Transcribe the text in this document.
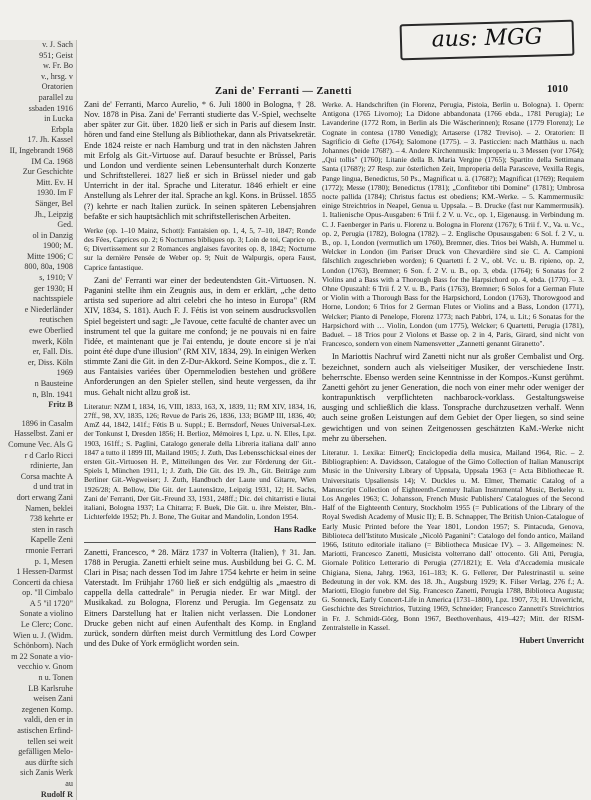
v. J. Sach
951; Geist
w. Fr. Bo
v., hrsg. v
Oratorien
parallel zu
ssbaden 1916
in Lucka
Erbpla
17. Jh. Kassel
II, Ingebrandt 1968
IM Ca. 1968
Zur Geschichte
Mitt. Ev. H
1930. Im F
Sänger, Bel
Jh., Leipzig
Ged.
ol in Danzig
1900; M.
Mitte 1906; C
800, 80a, 1908
s, 1910; V
ger 1930; H
nachtsspiele
e Niederländer
reutischen
ewe Oberlied
nwerk, Köln
er, Fall. Dis.
er, Diss. Köln
1969
n Bausteine
n, Bln. 1941
Fritz B
1896 in Casalm
Hasselbst. Zani er
Comune Vec. Als G
r d Carlo Ricci
rdinierte, Jan
Corsa machte A
d und trat in
dort erwang Zani
Namen, beklei
738 kehrte er
sten in rasch
Kapelle Zeni
rmonie Ferrari
p. 1, Mesen
1 Hessen-Darmst
Concerti da chiesa
op. "Il Cimbalo
A 5 "il 1720"
Sonate a violino
Le Clerc; Conc.
Wien u. J. (Widm.
Schönborn). Nach
m 22 Sonate a vio-
vecchio v. Gnom
n u. Tonen
LB Karlsruhe
weisen Zani
zegenen Komp.
valdi, den er in
astischen Erfind-
tellen sei weit
gefälligen Melo-
aus dürfte sich
sich Zanis Werk
au
Rudolf R
aus: MGG
Zani de' Ferranti — Zanetti	1010

Zani de' Ferranti, Marco Aurelio, * 6. Juli 1800 in Bologna, † 28. Nov. 1878 in Pisa. Zani de' Ferranti studierte das V.-Spiel, wechselte aber später zur Git. über. 1820 ließ er sich in Paris auf diesem Instr. hören und fand eine Stellung als Bibliothekar, dann als Privatsekretär. Ende 1824 reiste er nach Hamburg und trat in den nächsten Jahren mit Erfolg als Git.-Virtuose auf. Darauf besuchte er Brüssel, Paris und London und verdiente seinen Lebensunterhalt durch Konzerte und Schriftstellerei. 1827 ließ er sich in Brüssel nieder und gab Unterricht in der ital. Sprache und Literatur. 1846 erhielt er eine Anstellung als Lehrer der ital. Sprache an kgl. Kons. in Brüssel. 1855 (?) kehrte er nach Italien zurück. In seinen späteren Lebensjahren befaßte er sich hauptsächlich mit schriftstellerischen Arbeiten.

Werke (op. 1–10 Mainz, Schott): Fantaisien op. 1, 4, 5, 7–10, 1847; Ronde des Fées, Caprices op. 2; 6 Nocturnes bibliques op. 3; Loin de toi, Caprice op. 6; Divertissement sur 2 Romances anglaises favorites op. 8, 1842; Nocturne sur la dernière Pensée de Weber op. 9; Nuit de Walpurgis, opera Faust, Caprice fantastique.

Zani de' Ferranti war einer der bedeutendsten Git.-Virtuosen. N. Paganini stellte ihm ein Zeugnis aus, in dem er erklärt, „che detto artista sed superiore ad altri celebri che ho inteso in Europa" (RM XIV, 1834, S. 181). Auch F. J. Fétis ist von seinem ausdrucksvollen Spiel begeistert und sagt: „Je l'avoue, cette faculté de chanter avec un instrument tel que la guitare me confond; je ne pouvais ni en faire l'idée, et maintenant que je l'ai entendu, je doute encore si je n'ai point été dupe d'une illusion" (RM XIV, 1834, 29). In einigen Werken stimmte Zani die Git. in den Z-Dur-Akkord. Seine Kompos., die z. T. aus Fantaisies variées über Opernmelodien bestehen und größere Anforderungen an den Spieler stellen, sind heute vergessen, da ihr mus. Gehalt nicht allzu groß ist.

Literatur: NZM I, 1834, 16, VIII, 1833, 163, X, 1839, 11; RM XIV, 1834, 16, 27ff., 98, XV, 1835, 126; Revue de Paris 26, 1836, 133; BGMP III, 1836, 40; AmZ 44, 1842, 141f.; Fétis B u. Suppl.; E. Bernsdorf, Neues Universal-Lex. der Tonkunst I, Dresden 1856; H. Berlioz, Mémoires I, Lpz. u. N. Elles, Lpz. 1903, 161ff.; S. Paglini, Catalogo generale della Libreria italiana dall' anno 1847 a tutto il 1899 III, Mailand 1905; J. Zuth, Das Lebensschicksal eines der ersten Git.-Virtuosen H. P., Mitteilungen des Ver. zur Förderung der Git.-Spiels I, München 1911, 1; J. Zuth, Die Git. des 19. Jh., Git. Beiträge zum Berliner Git.-Wegweiser; J. Zuth, Handbuch der Laute und Gitarre, Wien 1926/28; A. Bellow, Die Git. der Lautensätze, Leipzig 1931, 12; H. Sachs, Zani de' Ferranti, Der Git.-Freund 33, 1931, 248ff.; Dic. dei chitarristi e liutai italiani, Bologna 1937; La Chitarra; F. Buek, Die Git. u. ihre Meister, Bln.-Lichterfelde 1952; Ph. J. Bone, The Guitar and Mandolin, London 1954.

Hans Radke

Zanetti, Francesco, * 28. März 1737 in Volterra (Italien), † 31. Jan. 1788 in Perugia. Zanetti erhielt seine mus. Ausbildung bei G. C. M. Clari in Pisa; nach dessen Tod im Jahre 1754 kehrte er heim in seine Vaterstadt. Im Frühjahr 1760 ließ er sich endgültig als „maestro di cappella della cattedrale" in Perugia nieder. Er war Mitgl. der Musikakad. zu Bologna, Florenz und Perugia. Im Gegensatz zu Eitners Darstellung hat er Italien nicht verlassen. Die Londoner Drucke geben nicht auf einen Aufenthalt des Komp. in England zurück, sondern dürften meist durch Vermittlung des Lord Cowper und des Duke of York ermöglicht worden sein.

Werke. A. Handschriften (in Florenz, Perugia, Pistoia, Berlin u. Bologna). 1. Opern: Antigona (1765 Livorno); La Didone abbandonata (1766 ebda., 1781 Perugia); Le Lavanderine (1772 Rom, in Berlin als Die Wäscherinnen); Rosane (1779 Florenz); Le Cognate in contesa (1780 Venedig); Artaserse (1782 Treviso). – 2. Oratorien: Il Sagrificio di Gefte (1764); Salomone (1775). – 3. Pasticcien: nach Matthäus u. nach Johannes (beide 1768?). – 4. Andere Kirchenmusik: Improperia u. 3 Messen (vor 1764); „Qui tollis" (1760); Litanie della B. Maria Vergine (1765); Spartito della Settimana Santa (1768?); 27 Resp. zur österlichen Zeit, Improperia della Parasceve, Vexilla Regis, Pange lingua, Benedictus, 50 Ps., Magnificat u. ä. (1768?); Magnificat (1769); Requiem (1772); Messe (1780); Benedictus (1781); „Confitebor tibi Domine" (1781); Umbrosa nocte pallida (1784); Christus factus est obediens; KM.-Werke. – 5. Kammermusik: einige Streichtrios in Neapel, Genua u. Uppsala. – B. Drucke (fast nur Kammermusik). 1. Italienische Opus-Ausgaben: 6 Trii f. 2 V. u. Vc., op. 1, Eigenausg. in Verbindung m. C. J. Faenberger in Paris u. Florenz u. Bologna in Florenz (1767); 6 Trii f. V., Va. u. Vc., op. 2, Perugia (1782), Bologna (1782). – 2. Englische Opusausgaben: 6 Sol. f. 2 V., u. B., op. 1, London (vermutlich um 1760), Bremner, dies. Trios bei Walsh, A. Hummel u. Welcker in London (im Pariser Druck von Chevardière sind sie C. A. Campioni fälschlich zugeschrieben worden); 6 Quartetti f. 2 V., obl. Vc. u. B. ripieno, op. 2, London (1763), Bremner; 6 Son. f. 2 V. u. B., op. 3, ebda. (1764); 6 Sonatas for 2 Violins and a Bass with a Thorough Bass for the Harpsichord op. 4, ebda. (1770). – 3. Ohne Opuszahl: 6 Trii f. 2 V. u. B., Paris (1763), Bremner; 6 Solos for a German Flute or Violin with a Thorough Bass for the Harpsichord, London (1763), Thorowgood and Horne, London; 6 Trios for 2 German Flutes or Violins and a Bass, London (1771), Welcker; Pianto di Penelope, Florenz 1773; nach Pabbri, 174, u. Lit.; 6 Sonatas for the Harpsichord with … Violin, London (um 1775), Welcker; 6 Quartetti, Perugia (1781), Baduel. – 18 Trios pour 2 Violons et Basse op. 2 in 4, Paris, Girard, sind nicht von Francesco, sondern von einem Namensvetter „Zannetti genannt Giranetto".

In Mariottis Nachruf wird Zanetti nicht nur als großer Cembalist und Org. bezeichnet, sondern auch als vielseitiger Musiker, der verschiedene Instr. beherrschte. Ebenso werden seine Kenntnisse in der Kompos.-Kunst gerühmt. Zanetti gehört zu jener Generation, die noch von einer mehr oder weniger der kontrapunktisch verpflichteten nachbarock-vorklass. Gestaltungsweise ausging und schließlich die klass. Tonsprache durchzusetzen verhalf. Wenn auch seine großen Leistungen auf dem Gebiet der Oper liegen, so sind seine gewichtigen und von seinen Zeitgenossen geschätzten KaM.-Werke nicht mehr zu übersehen.

Literatur. 1. Lexika: EitnerQ; Enciclopedia della musica, Mailand 1964, Ric. – 2. Bibliographien: A. Davidsson, Catalogue of the Gimo Collection of Italian Manuscript Music in the University Library of Uppsala, Uppsala 1963 (= Acta Bibliothecae R. Universitatis Upsaliensis 14); V. Duckles u. M. Elmer, Thematic Catalog of a Manuscript Collection of Eighteenth-Century Italian Instrumental Music, Berkeley u. Los Angeles 1963; C. Johansson, French Music Publishers' Catalogues of the Second Half of the Eighteenth Century, Stockholm 1955 (= Publications of the Library of the Royal Swedish Academy of Music II); E. B. Schnapper, The British Union-Catalogue of Early Music Printed before the Year 1801, London 1957; S. Pintacuda, Genova, Biblioteca dell'Istituto Musicale „Nicolò Paganini": Catalogo del fondo antico, Mailand 1966, Istituto editoriale italiano (= Bibliotheca Musicae IV). – 3. Allgemeines: N. Mariotti, Francesco Zanetti, Musicista volterrano dall' ottocento. Gli Atti, Perugia, Giornale Politico Letterario di Perugia (27/1821); E. Vela d'Accademia musicale Chigiana, Siena, Jahrg. 1963, 161–183; K. G. Fellerer, Der Palestrinastil u. seine Bedeutung in der vok. KM. des 18. Jh., Augsburg 1929; K. Filser Verlag, 276 f.; A. Mariotti, Elogio funebre del Sig. Francesco Zanetti, Perugia 1788, Biblioteca Augusta; G. Sonneck, Early Concert-Life in America (1731–1800), Lpz. 1907, 73; H. Unverricht, Geschichte des Streichtrios, Tutzing 1969, Schneider; Francesco Zannetti's Streichtrios in Fr. J. Schmidt-Görg, Bonn 1967, Beethovenhaus, 419–427; Mitt. der RISM-Zentralstelle in Kassel.

Hubert Unverricht
